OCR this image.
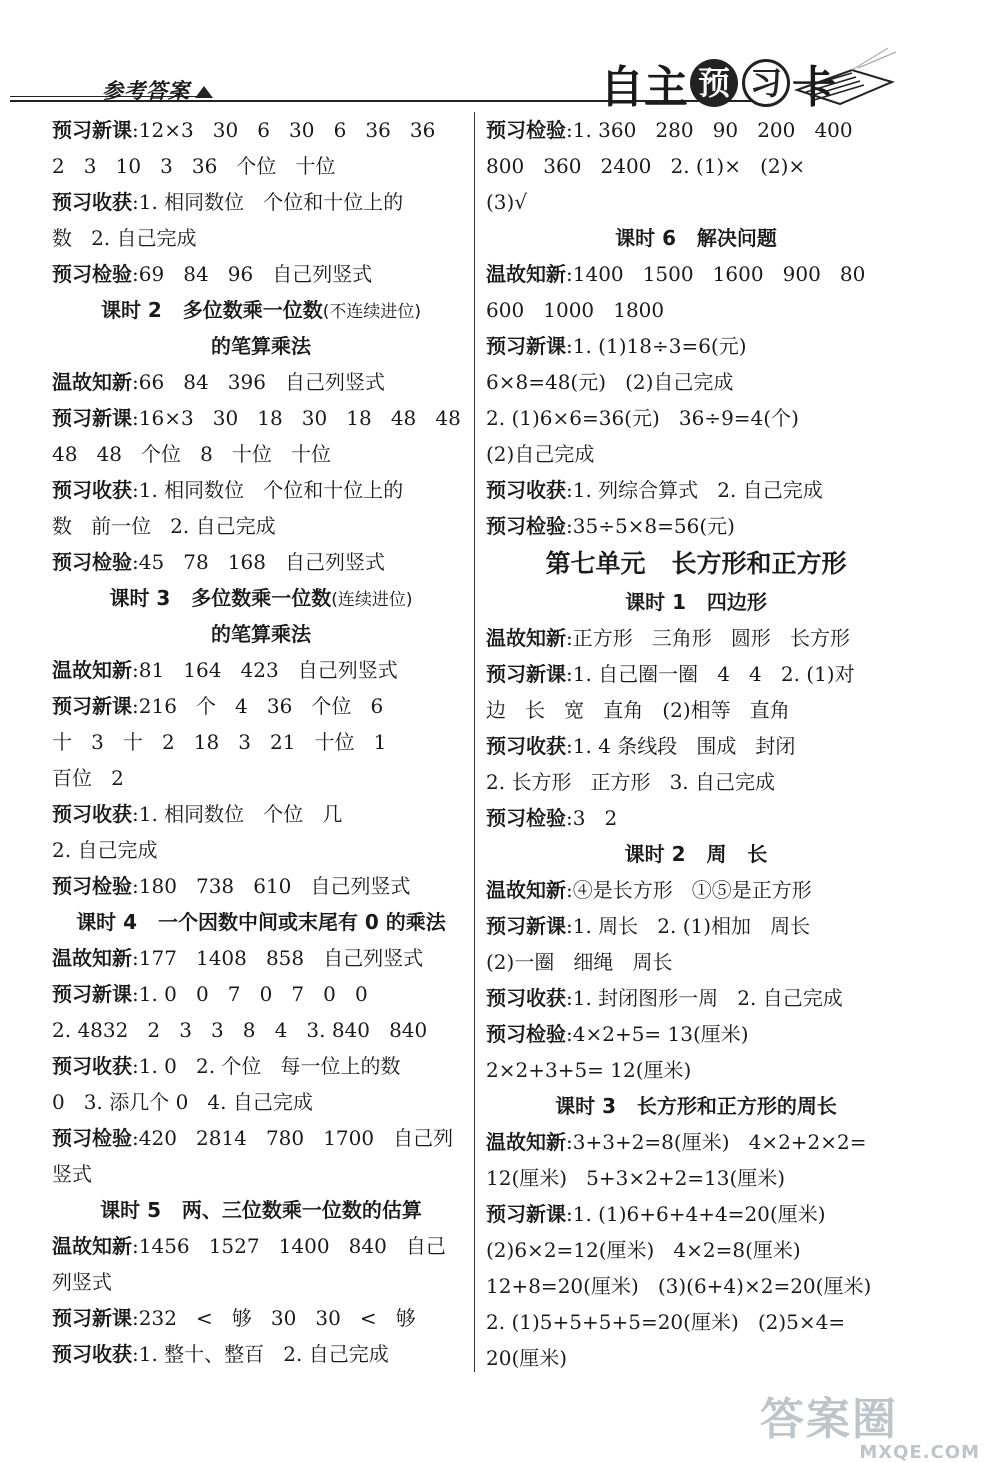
参考答案	自 主 预 习 卡
预习新课:12×3   30   6   30   6   36   36
2   3   10   3   36   个位   十位
预习收获:1. 相同数位   个位和十位上的
数   2. 自己完成
预习检验:69   84   96   自己列竖式
课时 2   多位数乘一位数(不连续进位)
的笔算乘法
温故知新:66   84   396   自己列竖式
预习新课:16×3   30   18   30   18   48   48
48   48   个位   8   十位   十位
预习收获:1. 相同数位   个位和十位上的
数   前一位   2. 自己完成
预习检验:45   78   168   自己列竖式
课时 3   多位数乘一位数(连续进位)
的笔算乘法
温故知新:81   164   423   自己列竖式
预习新课:216   个   4   36   个位   6
十   3   十   2   18   3   21   十位   1
百位   2
预习收获:1. 相同数位   个位   几
2. 自己完成
预习检验:180   738   610   自己列竖式
课时 4   一个因数中间或末尾有 0 的乘法
温故知新:177   1408   858   自己列竖式
预习新课:1. 0   0   7   0   7   0   0
2. 4832   2   3   3   8   4   3. 840   840
预习收获:1. 0   2. 个位   每一位上的数
0   3. 添几个 0   4. 自己完成
预习检验:420   2814   780   1700   自己列
竖式
课时 5   两、三位数乘一位数的估算
温故知新:1456   1527   1400   840   自己
列竖式
预习新课:232   <   够   30   30   <   够
预习收获:1. 整十、整百   2. 自己完成
预习检验:1. 360   280   90   200   400
800   360   2400   2. (1)×   (2)×
(3)√
课时 6   解决问题
温故知新:1400   1500   1600   900   80
600   1000   1800
预习新课:1. (1)18÷3=6(元)
6×8=48(元)   (2)自己完成
2. (1)6×6=36(元)   36÷9=4(个)
(2)自己完成
预习收获:1. 列综合算式   2. 自己完成
预习检验:35÷5×8=56(元)
第七单元   长方形和正方形
课时 1   四边形
温故知新:正方形   三角形   圆形   长方形
预习新课:1. 自己圈一圈   4   4   2. (1)对
边   长   宽   直角   (2)相等   直角
预习收获:1. 4 条线段   围成   封闭
2. 长方形   正方形   3. 自己完成
预习检验:3   2
课时 2   周   长
温故知新:④是长方形   ①⑤是正方形
预习新课:1. 周长   2. (1)相加   周长
(2)一圈   细绳   周长
预习收获:1. 封闭图形一周   2. 自己完成
预习检验:4×2+5= 13(厘米)
2×2+3+5= 12(厘米)
课时 3   长方形和正方形的周长
温故知新:3+3+2=8(厘米)   4×2+2×2=
12(厘米)   5+3×2+2=13(厘米)
预习新课:1. (1)6+6+4+4=20(厘米)
(2)6×2=12(厘米)   4×2=8(厘米)
12+8=20(厘米)   (3)(6+4)×2=20(厘米)
2. (1)5+5+5+5=20(厘米)   (2)5×4=
20(厘米)
答案圈
MXQE.COM
